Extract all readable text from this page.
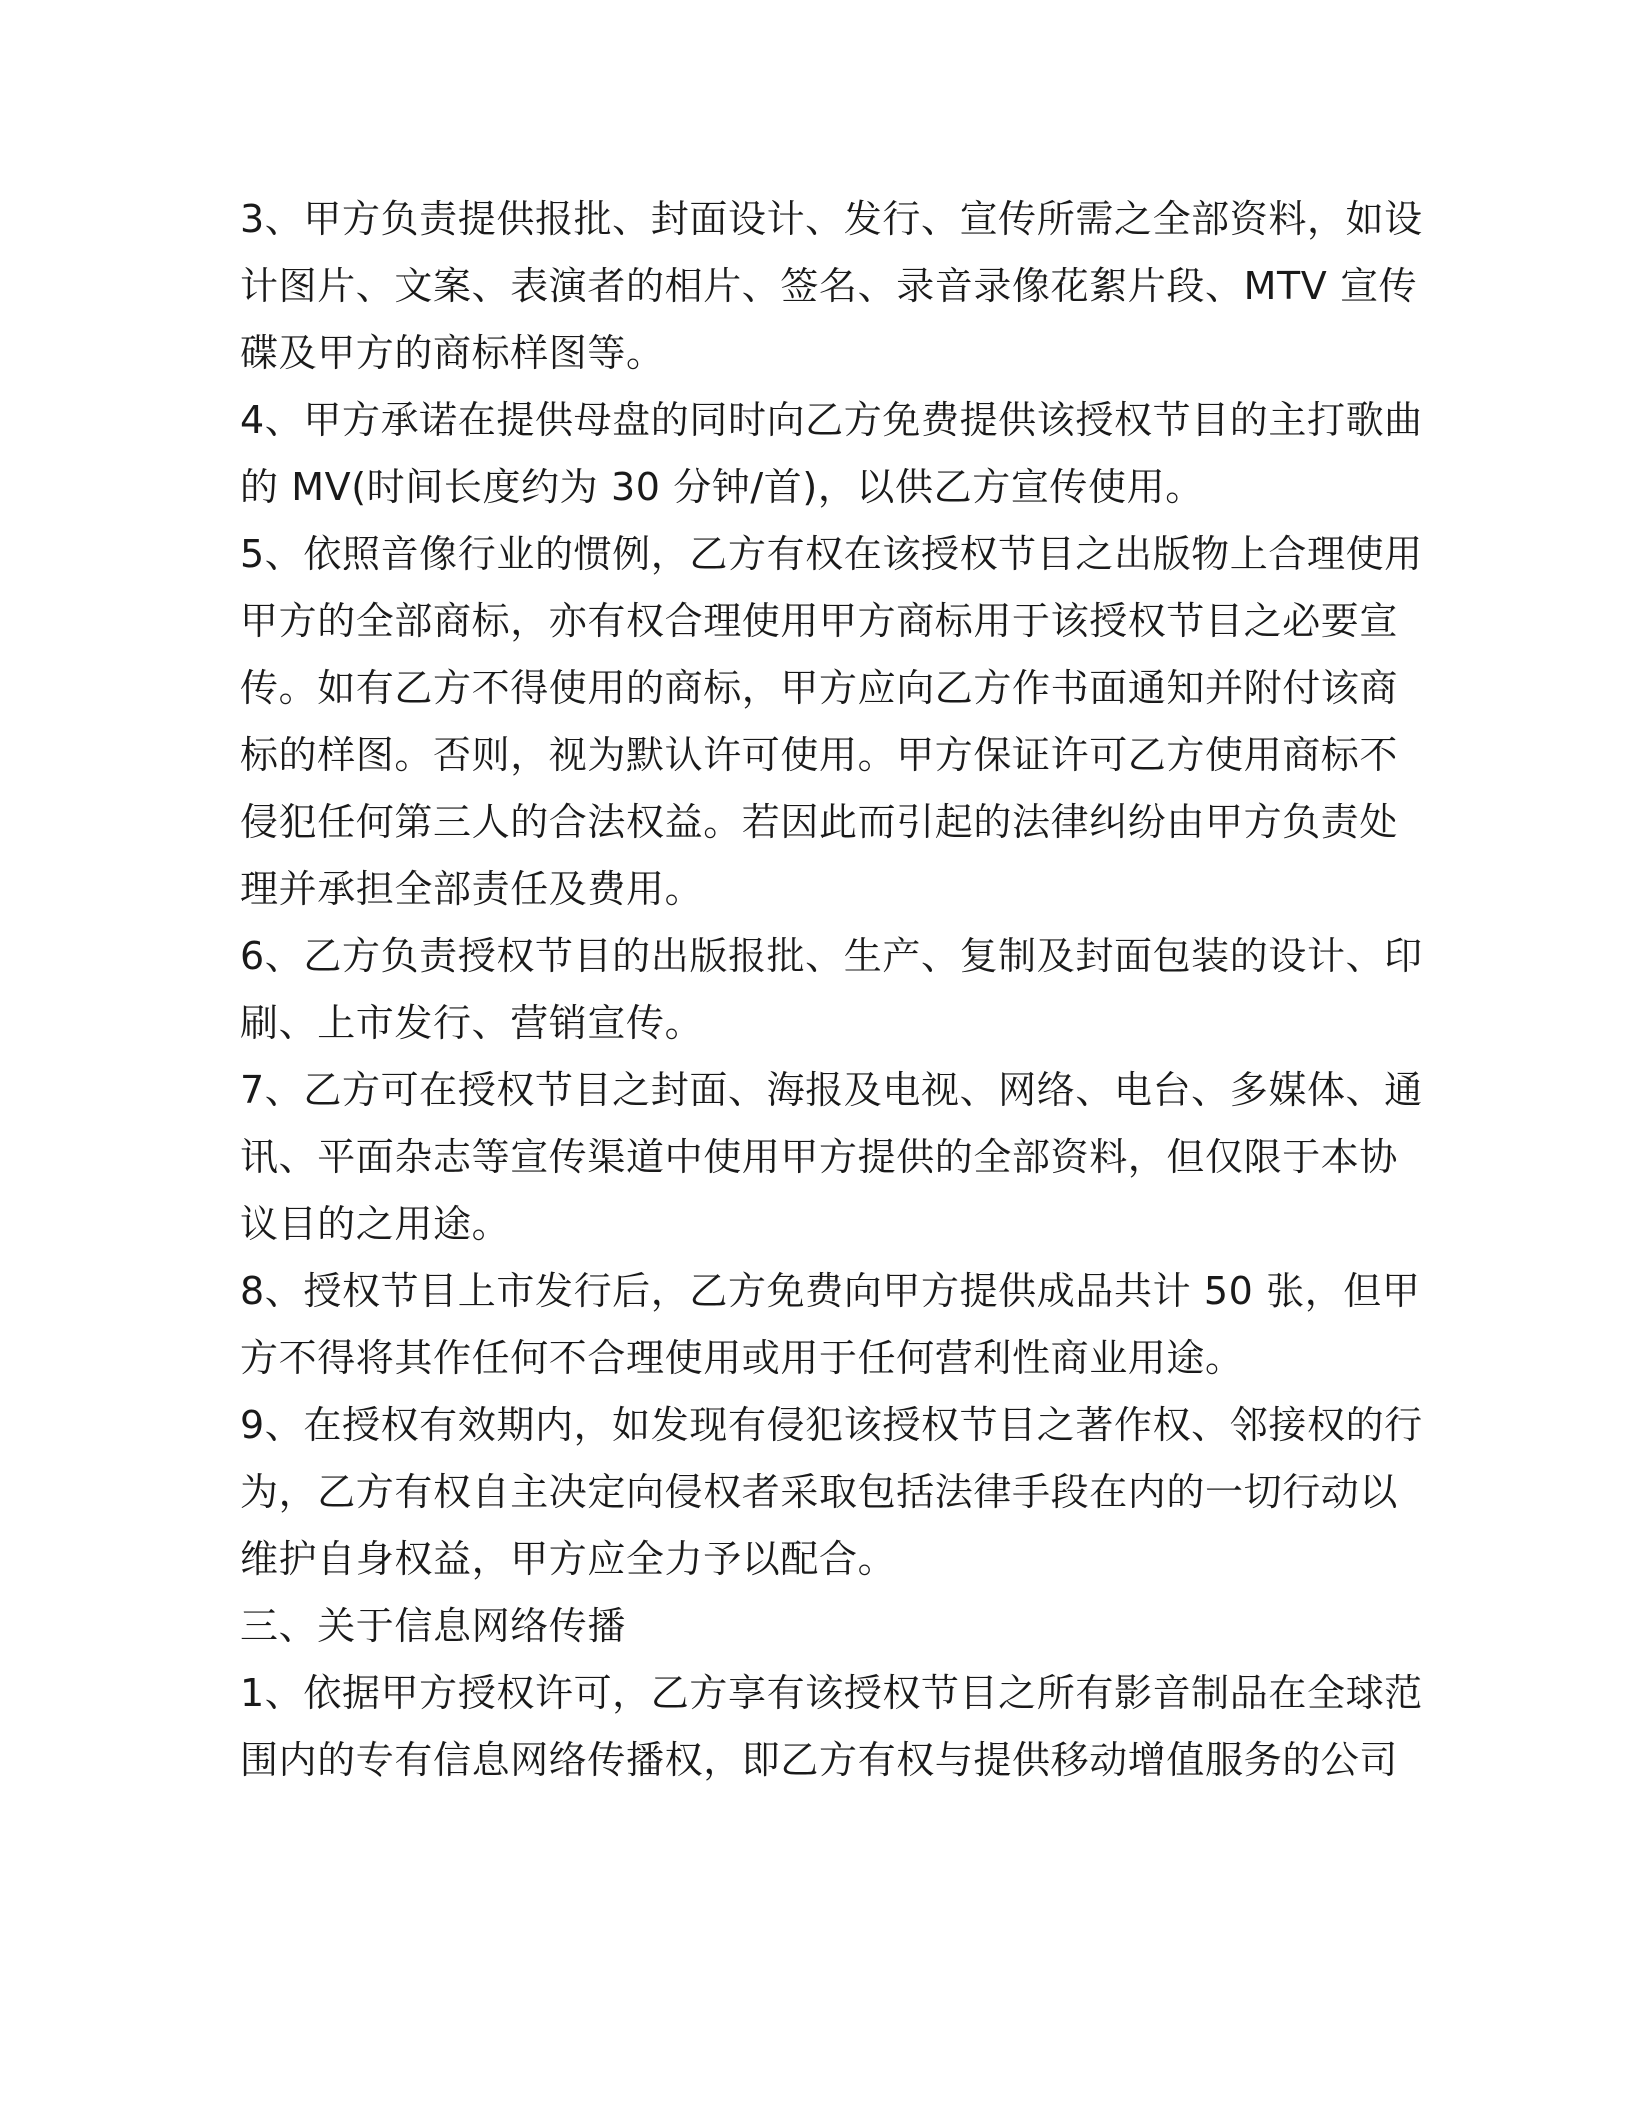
3、甲方负责提供报批、封面设计、发行、宣传所需之全部资料，如设

计图片、文案、表演者的相片、签名、录音录像花絮片段、MTV 宣传

碟及甲方的商标样图等。

4、甲方承诺在提供母盘的同时向乙方免费提供该授权节目的主打歌曲

的 MV(时间长度约为 30 分钟/首)，以供乙方宣传使用。

5、依照音像行业的惯例，乙方有权在该授权节目之出版物上合理使用

甲方的全部商标，亦有权合理使用甲方商标用于该授权节目之必要宣

传。如有乙方不得使用的商标，甲方应向乙方作书面通知并附付该商

标的样图。否则，视为默认许可使用。甲方保证许可乙方使用商标不

侵犯任何第三人的合法权益。若因此而引起的法律纠纷由甲方负责处

理并承担全部责任及费用。

6、乙方负责授权节目的出版报批、生产、复制及封面包装的设计、印

刷、上市发行、营销宣传。

7、乙方可在授权节目之封面、海报及电视、网络、电台、多媒体、通

讯、平面杂志等宣传渠道中使用甲方提供的全部资料，但仅限于本协

议目的之用途。

8、授权节目上市发行后，乙方免费向甲方提供成品共计 50 张，但甲

方不得将其作任何不合理使用或用于任何营利性商业用途。

9、在授权有效期内，如发现有侵犯该授权节目之著作权、邻接权的行

为，乙方有权自主决定向侵权者采取包括法律手段在内的一切行动以

维护自身权益，甲方应全力予以配合。

三、关于信息网络传播

1、依据甲方授权许可，乙方享有该授权节目之所有影音制品在全球范

围内的专有信息网络传播权，即乙方有权与提供移动增值服务的公司
